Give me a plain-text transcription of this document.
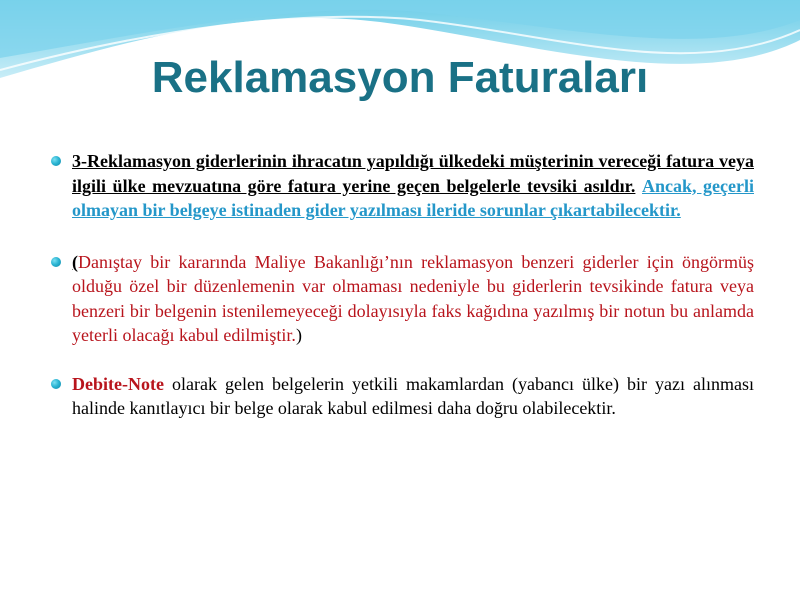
Reklamasyon Faturaları

3-Reklamasyon giderlerinin ihracatın yapıldığı ülkedeki müşterinin vereceği fatura veya ilgili ülke mevzuatına göre fatura yerine geçen belgelerle tevsiki asıldır. Ancak, geçerli olmayan bir belgeye istinaden gider yazılması ileride sorunlar çıkartabilecektir.

(Danıştay bir kararında Maliye Bakanlığı’nın reklamasyon benzeri giderler için öngörmüş olduğu özel bir düzenlemenin var olmaması nedeniyle bu giderlerin tevsikinde fatura veya benzeri bir belgenin istenilemeyeceği dolayısıyla faks kağıdına yazılmış bir notun bu anlamda yeterli olacağı kabul edilmiştir.)

Debite-Note olarak gelen belgelerin yetkili makamlardan (yabancı ülke) bir yazı alınması halinde kanıtlayıcı bir belge olarak kabul edilmesi daha doğru olabilecektir.
